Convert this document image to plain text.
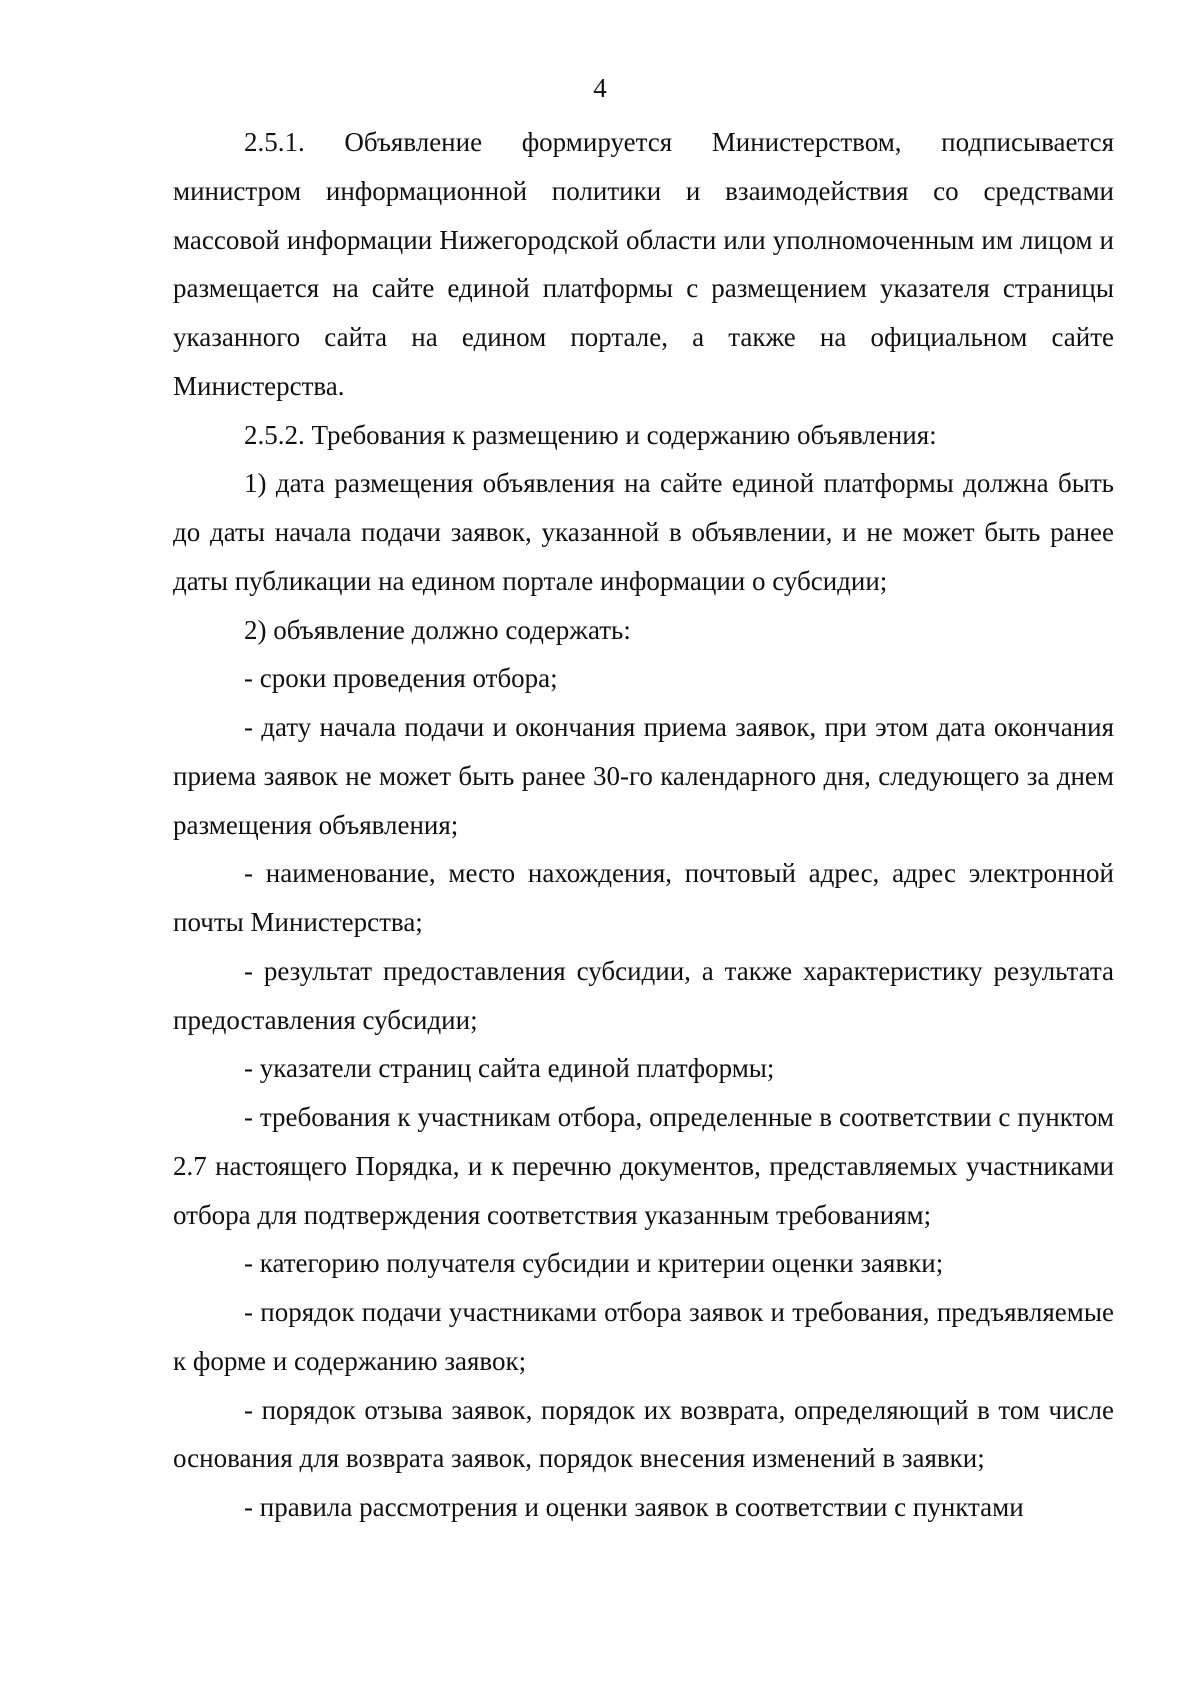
4

2.5.1. Объявление формируется Министерством, подписывается министром информационной политики и взаимодействия со средствами массовой информации Нижегородской области или уполномоченным им лицом и размещается на сайте единой платформы с размещением указателя страницы указанного сайта на едином портале, а также на официальном сайте Министерства.

2.5.2. Требования к размещению и содержанию объявления:

1) дата размещения объявления на сайте единой платформы должна быть до даты начала подачи заявок, указанной в объявлении, и не может быть ранее даты публикации на едином портале информации о субсидии;

2) объявление должно содержать:

- сроки проведения отбора;

- дату начала подачи и окончания приема заявок, при этом дата окончания приема заявок не может быть ранее 30-го календарного дня, следующего за днем размещения объявления;

- наименование, место нахождения, почтовый адрес, адрес электронной почты Министерства;

- результат предоставления субсидии, а также характеристику результата предоставления субсидии;

- указатели страниц сайта единой платформы;

- требования к участникам отбора, определенные в соответствии с пунктом 2.7 настоящего Порядка, и к перечню документов, представляемых участниками отбора для подтверждения соответствия указанным требованиям;

- категорию получателя субсидии и критерии оценки заявки;

- порядок подачи участниками отбора заявок и требования, предъявляемые к форме и содержанию заявок;

- порядок отзыва заявок, порядок их возврата, определяющий в том числе основания для возврата заявок, порядок внесения изменений в заявки;

- правила рассмотрения и оценки заявок в соответствии с пунктами
